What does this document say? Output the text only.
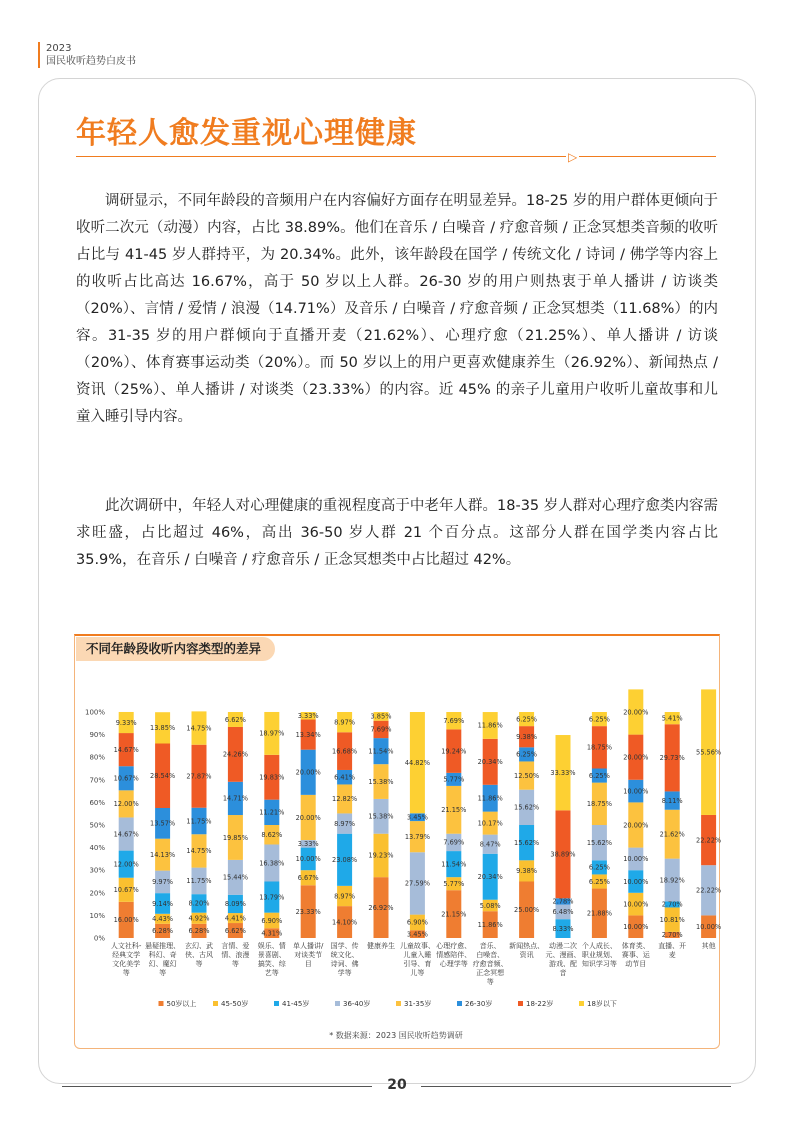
2023
国民收听趋势白皮书
年轻人愈发重视心理健康
▷

调研显示，不同年龄段的音频用户在内容偏好方面存在明显差异。18-25 岁的用户群体更倾向于收听二次元（动漫）内容，占比 38.89%。他们在音乐 / 白噪音 / 疗愈音频 / 正念冥想类音频的收听占比与 41-45 岁人群持平，为 20.34%。此外，该年龄段在国学 / 传统文化 / 诗词 / 佛学等内容上的收听占比高达 16.67%，高于 50 岁以上人群。26-30 岁的用户则热衷于单人播讲 / 访谈类（20%）、言情 / 爱情 / 浪漫（14.71%）及音乐 / 白噪音 / 疗愈音频 / 正念冥想类（11.68%）的内容。31-35 岁的用户群倾向于直播开麦（21.62%）、心理疗愈（21.25%）、单人播讲 / 访谈（20%）、体育赛事运动类（20%）。而 50 岁以上的用户更喜欢健康养生（26.92%）、新闻热点 / 资讯（25%）、单人播讲 / 对谈类（23.33%）的内容。近 45% 的亲子儿童用户收听儿童故事和儿童入睡引导内容。

此次调研中，年轻人对心理健康的重视程度高于中老年人群。18-35 岁人群对心理疗愈类内容需求旺盛，占比超过 46%，高出 36-50 岁人群 21 个百分点。这部分人群在国学类内容占比 35.9%，在音乐 / 白噪音 / 疗愈音乐 / 正念冥想类中占比超过 42%。

不同年龄段收听内容类型的差异
0%
10%
20%
30%
40%
50%
60%
70%
80%
90%
100%
16.00%
10.67%
12.00%
14.67%
12.00%
10.67%
14.67%
9.33%
人文社科-
经典文学
文化美学
等
6.28%
4.43%
9.14%
9.97%
14.13%
13.57%
28.54%
13.85%
悬疑推理、
科幻、奇
幻、魔幻
等
6.28%
4.92%
8.20%
11.75%
14.75%
11.75%
27.87%
14.75%
玄幻、武
侠、古风
等
6.62%
4.41%
8.09%
15.44%
19.85%
14.71%
24.26%
6.62%
言情、爱
情、浪漫
等
4.31%
6.90%
13.79%
16.38%
8.62%
11.21%
19.83%
18.97%
娱乐、情
景喜剧、
搞笑、综
艺等
23.33%
6.67%
10.00%
3.33%
20.00%
20.00%
13.34%
3.33%
单人播讲/
对谈类节
目
14.10%
8.97%
23.08%
8.97%
12.82%
6.41%
16.68%
8.97%
国学、传
统文化、
诗词、佛
学等
26.92%
19.23%
15.38%
15.38%
11.54%
7.69%
3.85%
健康养生
3.45%
6.90%
27.59%
13.79%
3.45%
44.82%
儿童故事、
儿童入睡
引导、育
儿等
21.15%
5.77%
11.54%
7.69%
21.15%
5.77%
19.24%
7.69%
心理疗愈、
情感陪伴、
心理学等
11.86%
5.08%
20.34%
8.47%
10.17%
11.86%
20.34%
11.86%
音乐、
白噪音、
疗愈音频、
正念冥想
等
25.00%
9.38%
15.62%
15.62%
12.50%
6.25%
9.38%
6.25%
新闻热点、
资讯
8.33%
6.48%
2.78%
38.89%
33.33%
动漫二次
元、漫画、
游戏、配
音
21.88%
6.25%
6.25%
15.62%
18.75%
6.25%
18.75%
6.25%
个人成长、
职业规划、
知识学习等
10.00%
10.00%
10.00%
10.00%
20.00%
10.00%
20.00%
20.00%
体育类、
赛事、运
动节目
2.70%
10.81%
2.70%
18.92%
21.62%
8.11%
29.73%
5.41%
直播、开
麦
10.00%
22.22%
22.22%
55.56%
其他
50岁以上	45-50岁	41-45岁	36-40岁	31-35岁	26-30岁	18-22岁	18岁以下
* 数据来源：2023 国民收听趋势调研
20
